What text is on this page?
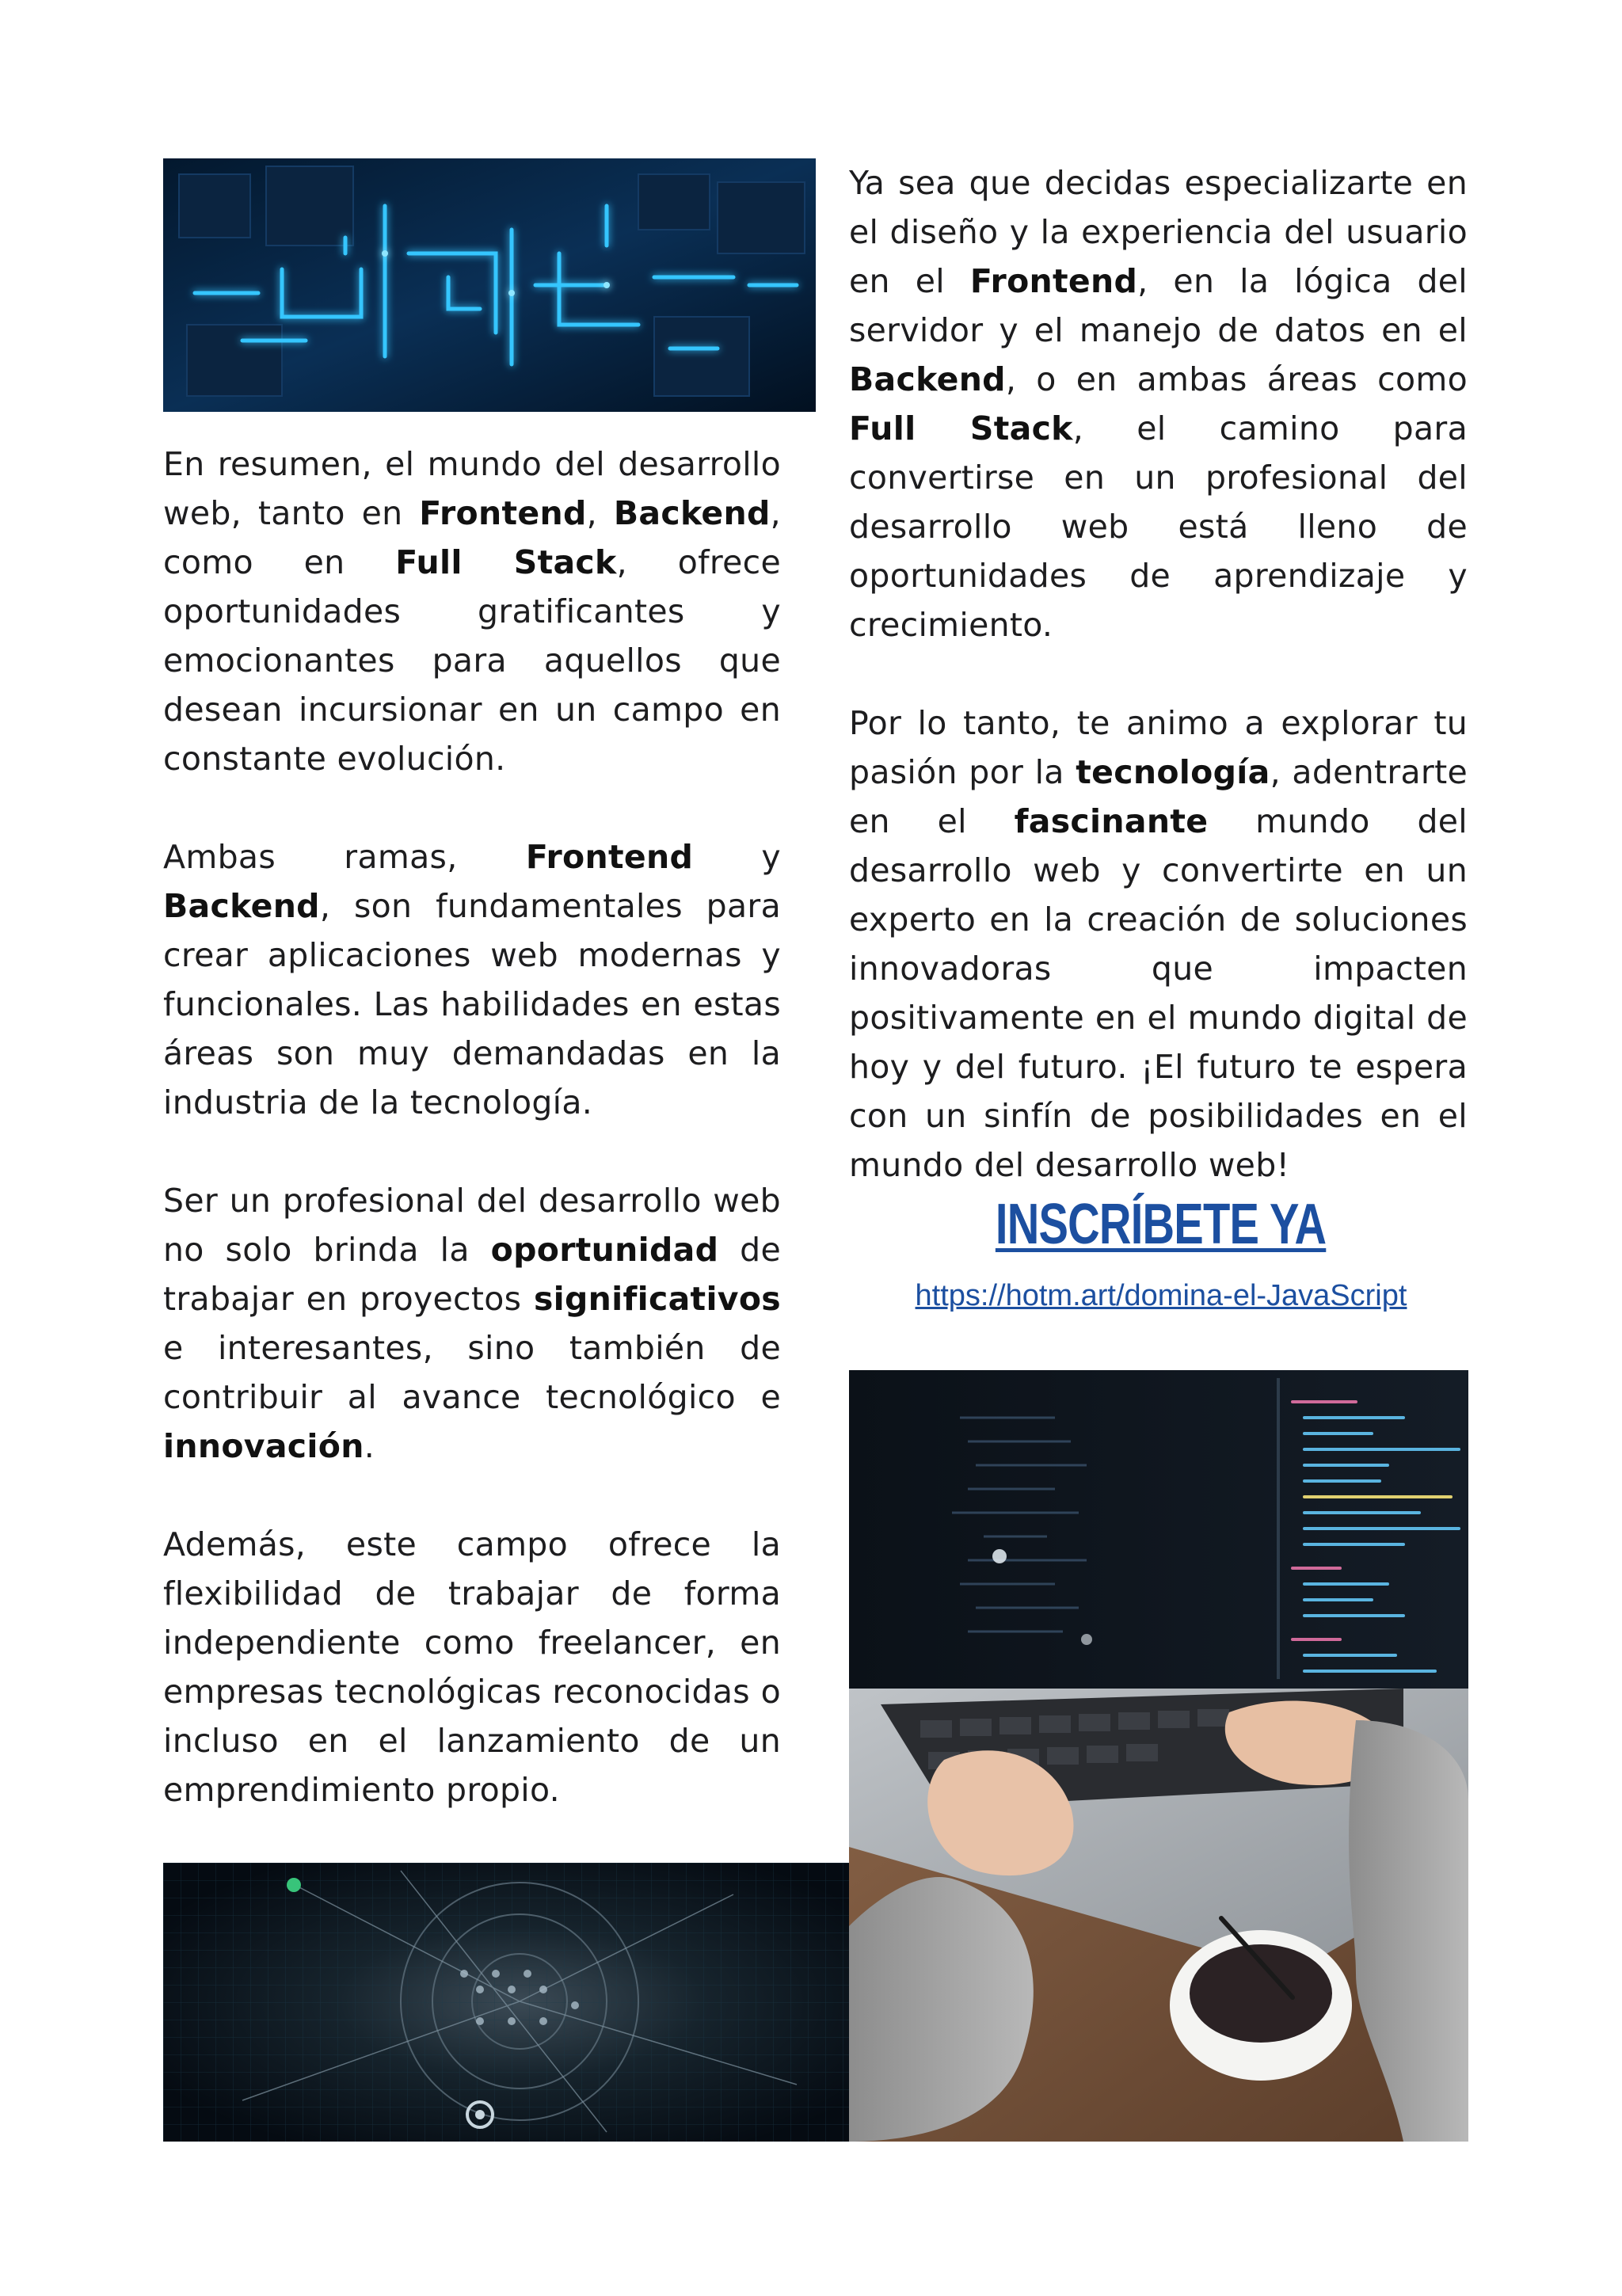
En resumen, el mundo del desarrollo web, tanto en Frontend, Backend, como en Full Stack, ofrece oportunidades gratificantes y emocionantes para aquellos que desean incursionar en un campo en constante evolución.

Ambas ramas, Frontend y Backend, son fundamentales para crear aplicaciones web modernas y funcionales. Las habilidades en estas áreas son muy demandadas en la industria de la tecnología.

Ser un profesional del desarrollo web no solo brinda la oportunidad de trabajar en proyectos significativos e interesantes, sino también de contribuir al avance tecnológico e innovación.

Además, este campo ofrece la flexibilidad de trabajar de forma independiente como freelancer, en empresas tecnológicas reconocidas o incluso en el lanzamiento de un emprendimiento propio.

Ya sea que decidas especializarte en el diseño y la experiencia del usuario en el Frontend, en la lógica del servidor y el manejo de datos en el Backend, o en ambas áreas como Full Stack, el camino para convertirse en un profesional del desarrollo web está lleno de oportunidades de aprendizaje y crecimiento.

Por lo tanto, te animo a explorar tu pasión por la tecnología, adentrarte en el fascinante mundo del desarrollo web y convertirte en un experto en la creación de soluciones innovadoras que impacten positivamente en el mundo digital de hoy y del futuro. ¡El futuro te espera con un sinfín de posibilidades en el mundo del desarrollo web!

INSCRÍBETE YA
https://hotm.art/domina-el-JavaScript
